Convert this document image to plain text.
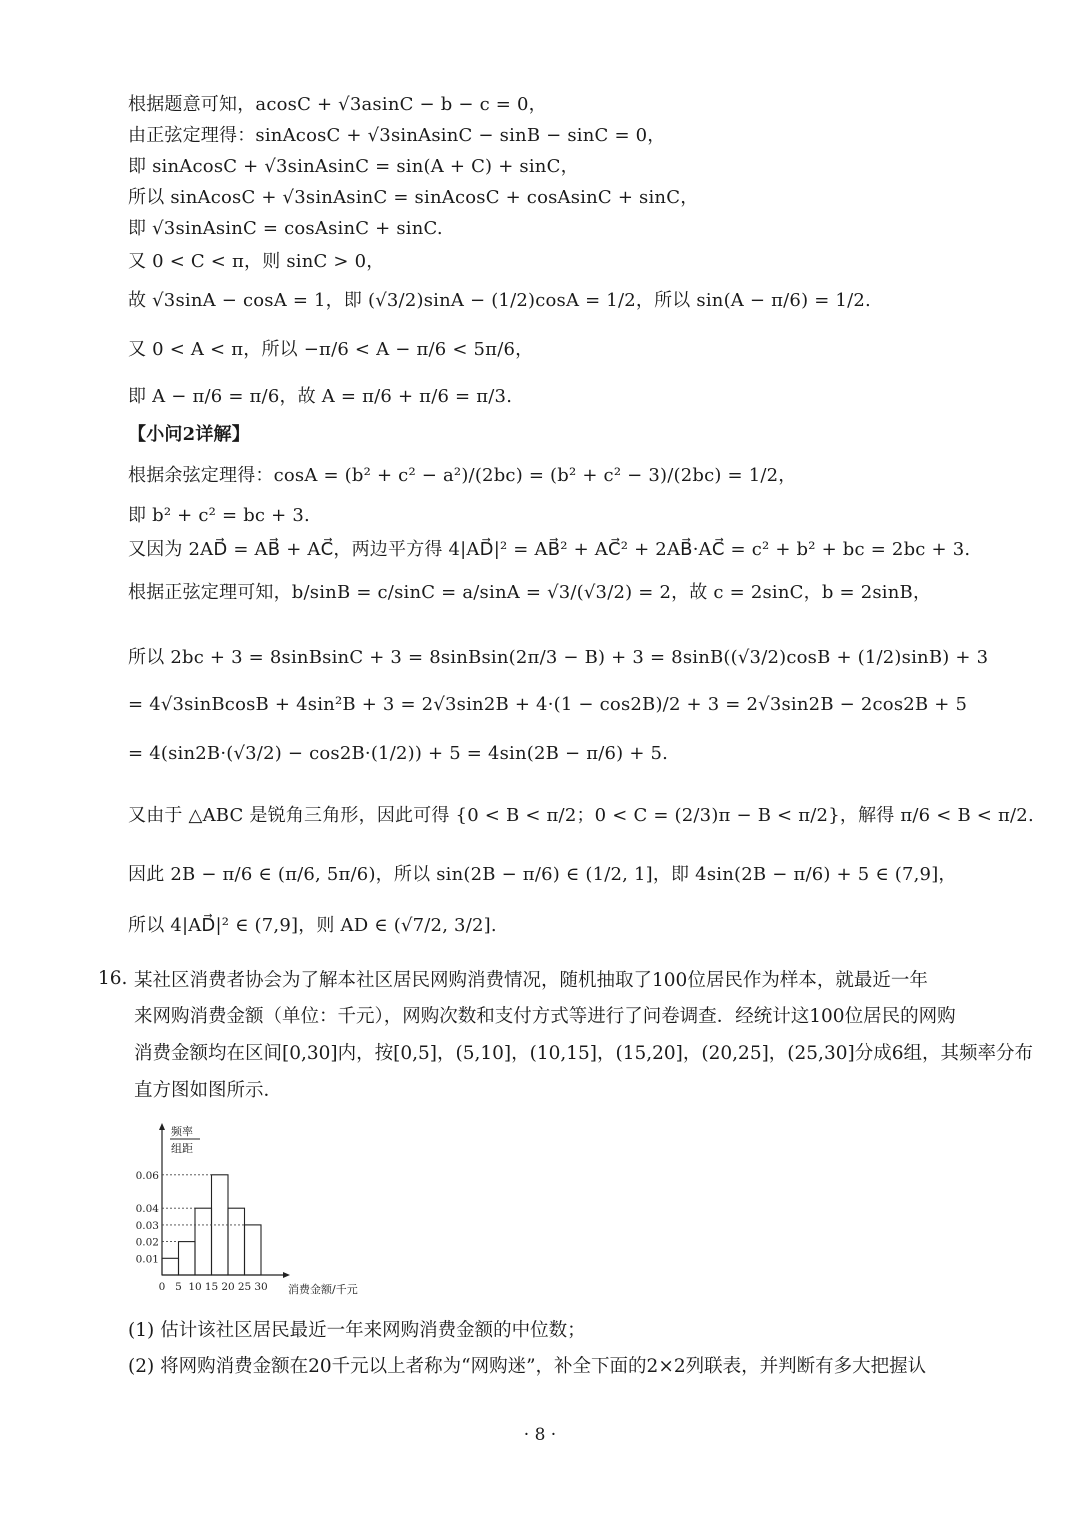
根据题意可知，acosC + √3asinC − b − c = 0，
由正弦定理得：sinAcosC + √3sinAsinC − sinB − sinC = 0，
即 sinAcosC + √3sinAsinC = sin(A + C) + sinC，
所以 sinAcosC + √3sinAsinC = sinAcosC + cosAsinC + sinC，
即 √3sinAsinC = cosAsinC + sinC.
又 0 < C < π，则 sinC > 0，
故 √3sinA − cosA = 1，即 (√3/2)sinA − (1/2)cosA = 1/2，所以 sin(A − π/6) = 1/2.
又 0 < A < π，所以 −π/6 < A − π/6 < 5π/6，
即 A − π/6 = π/6，故 A = π/6 + π/6 = π/3.
【小问2详解】
根据余弦定理得：cosA = (b² + c² − a²)/(2bc) = (b² + c² − 3)/(2bc) = 1/2，
即 b² + c² = bc + 3.
又因为 2AD⃗ = AB⃗ + AC⃗，两边平方得 4|AD⃗|² = AB⃗² + AC⃗² + 2AB⃗·AC⃗ = c² + b² + bc = 2bc + 3.
根据正弦定理可知，b/sinB = c/sinC = a/sinA = √3/(√3/2) = 2，故 c = 2sinC，b = 2sinB，
所以 2bc + 3 = 8sinBsinC + 3 = 8sinBsin(2π/3 − B) + 3 = 8sinB((√3/2)cosB + (1/2)sinB) + 3
= 4√3sinBcosB + 4sin²B + 3 = 2√3sin2B + 4·(1 − cos2B)/2 + 3 = 2√3sin2B − 2cos2B + 5
= 4(sin2B·(√3/2) − cos2B·(1/2)) + 5 = 4sin(2B − π/6) + 5.
又由于 △ABC 是锐角三角形，因此可得 {0 < B < π/2；0 < C = (2/3)π − B < π/2}，解得 π/6 < B < π/2.
因此 2B − π/6 ∈ (π/6, 5π/6)，所以 sin(2B − π/6) ∈ (1/2, 1]，即 4sin(2B − π/6) + 5 ∈ (7,9]，
所以 4|AD⃗|² ∈ (7,9]，则 AD ∈ (√7/2, 3/2].
16. 某社区消费者协会为了解本社区居民网购消费情况，随机抽取了100位居民作为样本，就最近一年
来网购消费金额（单位：千元），网购次数和支付方式等进行了问卷调查．经统计这100位居民的网购
消费金额均在区间[0,30]内，按[0,5]，(5,10]，(10,15]，(15,20]，(20,25]，(25,30]分成6组，其频率分布
直方图如图所示．
0.01
0.02
0.03
0.04
0.06
0 5 10 15 20 25 30
频率
组距
消费金额/千元
(1) 估计该社区居民最近一年来网购消费金额的中位数；
(2) 将网购消费金额在20千元以上者称为“网购迷”，补全下面的2×2列联表，并判断有多大把握认
· 8 ·
